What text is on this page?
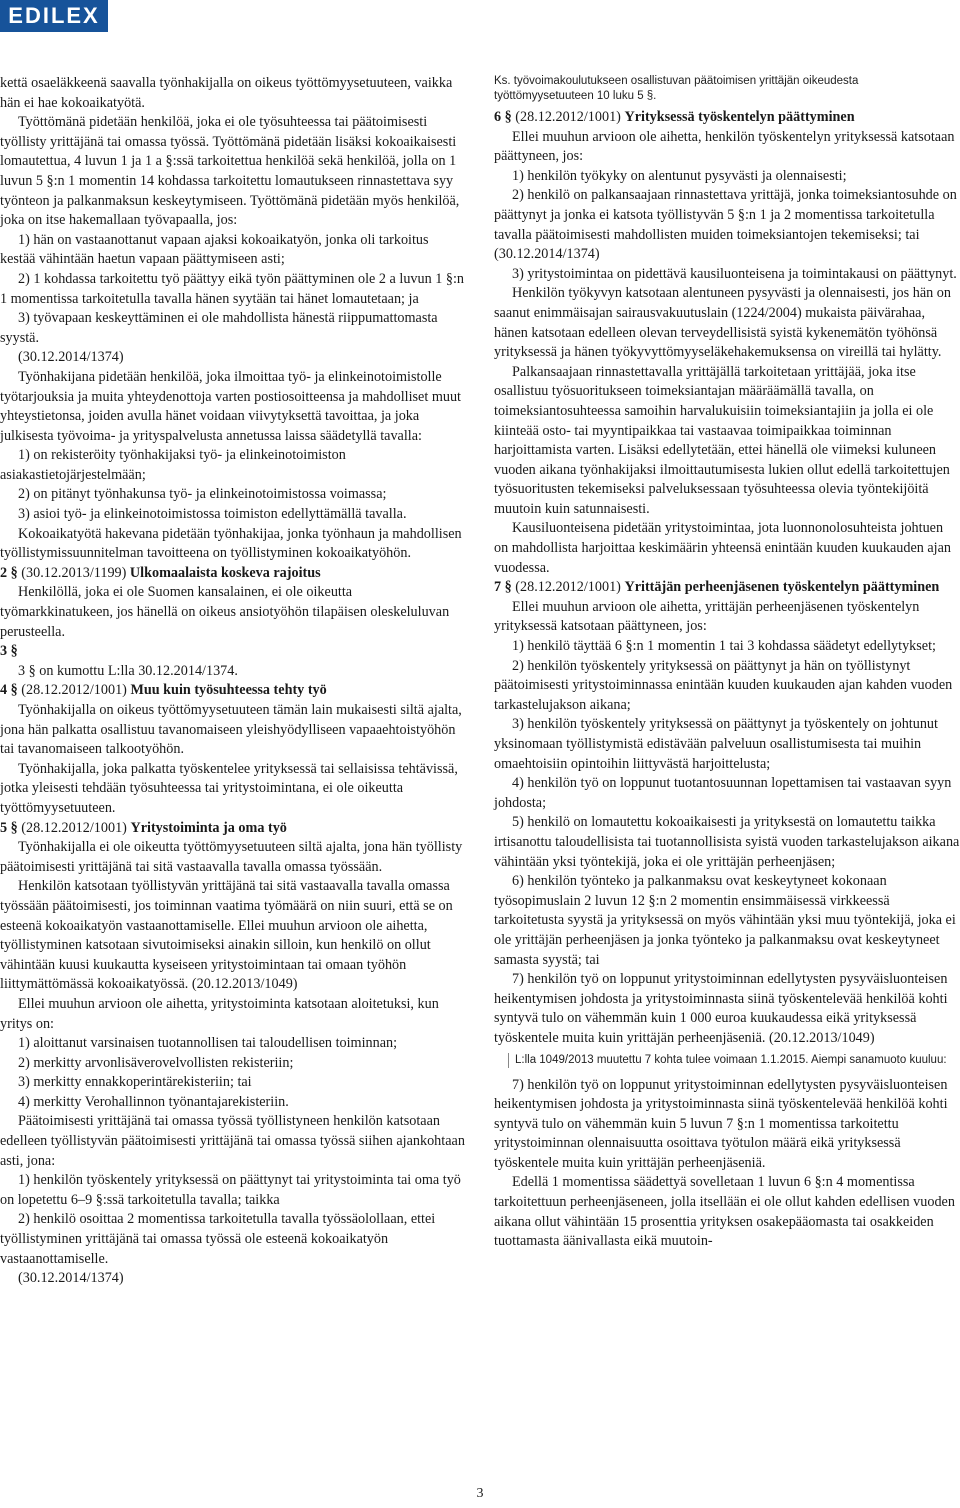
EDILEX

kettä osaeläkkeenä saavalla työnhakijalla on oikeus työttömyysetuuteen, vaikka hän ei hae kokoaikatyötä.

Työttömänä pidetään henkilöä, joka ei ole työsuhteessa tai päätoimisesti työllisty yrittäjänä tai omassa työssä. Työttömänä pidetään lisäksi kokoaikaisesti lomautettua, 4 luvun 1 ja 1 a §:ssä tarkoitettua henkilöä sekä henkilöä, jolla on 1 luvun 5 §:n 1 momentin 14 kohdassa tarkoitettu lomautukseen rinnastettava syy työnteon ja palkanmaksun keskeytymiseen. Työttömänä pidetään myös henkilöä, joka on itse hakemallaan työvapaalla, jos:

1) hän on vastaanottanut vapaan ajaksi kokoaikatyön, jonka oli tarkoitus kestää vähintään haetun vapaan päättymiseen asti;

2) 1 kohdassa tarkoitettu työ päättyy eikä työn päättyminen ole 2 a luvun 1 §:n 1 momentissa tarkoitetulla tavalla hänen syytään tai hänet lomautetaan; ja

3) työvapaan keskeyttäminen ei ole mahdollista hänestä riippumattomasta syystä.

(30.12.2014/1374)

Työnhakijana pidetään henkilöä, joka ilmoittaa työ- ja elinkeinotoimistolle työtarjouksia ja muita yhteydenottoja varten postiosoitteensa ja mahdolliset muut yhteystietonsa, joiden avulla hänet voidaan viivytyksettä tavoittaa, ja joka julkisesta työvoima- ja yrityspalvelusta annetussa laissa säädetyllä tavalla:

1) on rekisteröity työnhakijaksi työ- ja elinkeinotoimiston asiakastietojärjestelmään;

2) on pitänyt työnhakunsa työ- ja elinkeinotoimistossa voimassa;

3) asioi työ- ja elinkeinotoimistossa toimiston edellyttämällä tavalla.

Kokoaikatyötä hakevana pidetään työnhakijaa, jonka työnhaun ja mahdollisen työllistymissuunnitelman tavoitteena on työllistyminen kokoaikatyöhön.

2 § (30.12.2013/1199) Ulkomaalaista koskeva rajoitus

Henkilöllä, joka ei ole Suomen kansalainen, ei ole oikeutta työmarkkinatukeen, jos hänellä on oikeus ansiotyöhön tilapäisen oleskeluluvan perusteella.

3 §

3 § on kumottu L:lla 30.12.2014/1374.

4 § (28.12.2012/1001) Muu kuin työsuhteessa tehty työ

Työnhakijalla on oikeus työttömyysetuuteen tämän lain mukaisesti siltä ajalta, jona hän palkatta osallistuu tavanomaiseen yleishyödylliseen vapaaehtoistyöhön tai tavanomaiseen talkootyöhön.

Työnhakijalla, joka palkatta työskentelee yrityksessä tai sellaisissa tehtävissä, jotka yleisesti tehdään työsuhteessa tai yritystoimintana, ei ole oikeutta työttömyysetuuteen.

5 § (28.12.2012/1001) Yritystoiminta ja oma työ

Työnhakijalla ei ole oikeutta työttömyysetuuteen siltä ajalta, jona hän työllisty päätoimisesti yrittäjänä tai sitä vastaavalla tavalla omassa työssään.

Henkilön katsotaan työllistyvän yrittäjänä tai sitä vastaavalla tavalla omassa työssään päätoimisesti, jos toiminnan vaatima työmäärä on niin suuri, että se on esteenä kokoaikatyön vastaanottamiselle. Ellei muuhun arvioon ole aihetta, työllistyminen katsotaan sivutoimiseksi ainakin silloin, kun henkilö on ollut vähintään kuusi kuukautta kyseiseen yritystoimintaan tai omaan työhön liittymättömässä kokoaikatyössä. (20.12.2013/1049)

Ellei muuhun arvioon ole aihetta, yritystoiminta katsotaan aloitetuksi, kun yritys on:

1) aloittanut varsinaisen tuotannollisen tai taloudellisen toiminnan;

2) merkitty arvonlisäverovelvollisten rekisteriin;

3) merkitty ennakkoperintärekisteriin; tai

4) merkitty Verohallinnon työnantajarekisteriin.

Päätoimisesti yrittäjänä tai omassa työssä työllistyneen henkilön katsotaan edelleen työllistyvän päätoimisesti yrittäjänä tai omassa työssä siihen ajankohtaan asti, jona:

1) henkilön työskentely yrityksessä on päättynyt tai yritystoiminta tai oma työ on lopetettu 6–9 §:ssä tarkoitetulla tavalla; taikka

2) henkilö osoittaa 2 momentissa tarkoitetulla tavalla työssäolollaan, ettei työllistyminen yrittäjänä tai omassa työssä ole esteenä kokoaikatyön vastaanottamiselle.

(30.12.2014/1374)

Ks. työvoimakoulutukseen osallistuvan päätoimisen yrittäjän oikeudesta työttömyysetuuteen 10 luku 5 §.

6 § (28.12.2012/1001) Yrityksessä työskentelyn päättyminen

Ellei muuhun arvioon ole aihetta, henkilön työskentelyn yrityksessä katsotaan päättyneen, jos:

1) henkilön työkyky on alentunut pysyvästi ja olennaisesti;

2) henkilö on palkansaajaan rinnastettava yrittäjä, jonka toimeksiantosuhde on päättynyt ja jonka ei katsota työllistyvän 5 §:n 1 ja 2 momentissa tarkoitetulla tavalla päätoimisesti mahdollisten muiden toimeksiantojen tekemiseksi; tai (30.12.2014/1374)

3) yritystoimintaa on pidettävä kausiluonteisena ja toimintakausi on päättynyt.

Henkilön työkyvyn katsotaan alentuneen pysyvästi ja olennaisesti, jos hän on saanut enimmäisajan sairausvakuutuslain (1224/2004) mukaista päivärahaa, hänen katsotaan edelleen olevan terveydellisistä syistä kykenemätön työhönsä yrityksessä ja hänen työkyvyttömyyseläkehakemuksensa on vireillä tai hylätty.

Palkansaajaan rinnastettavalla yrittäjällä tarkoitetaan yrittäjää, joka itse osallistuu työsuoritukseen toimeksiantajan määräämällä tavalla, on toimeksiantosuhteessa samoihin harvalukuisiin toimeksiantajiin ja jolla ei ole kiinteää osto- tai myyntipaikkaa tai vastaavaa toimipaikkaa toiminnan harjoittamista varten. Lisäksi edellytetään, ettei hänellä ole viimeksi kuluneen vuoden aikana työnhakijaksi ilmoittautumisesta lukien ollut edellä tarkoitettujen työsuoritusten tekemiseksi palveluksessaan työsuhteessa olevia työntekijöitä muutoin kuin satunnaisesti.

Kausiluonteisena pidetään yritystoimintaa, jota luonnonolosuhteista johtuen on mahdollista harjoittaa keskimäärin yhteensä enintään kuuden kuukauden ajan vuodessa.

7 § (28.12.2012/1001) Yrittäjän perheenjäsenen työskentelyn päättyminen

Ellei muuhun arvioon ole aihetta, yrittäjän perheenjäsenen työskentelyn yrityksessä katsotaan päättyneen, jos:

1) henkilö täyttää 6 §:n 1 momentin 1 tai 3 kohdassa säädetyt edellytykset;

2) henkilön työskentely yrityksessä on päättynyt ja hän on työllistynyt päätoimisesti yritystoiminnassa enintään kuuden kuukauden ajan kahden vuoden tarkastelujakson aikana;

3) henkilön työskentely yrityksessä on päättynyt ja työskentely on johtunut yksinomaan työllistymistä edistävään palveluun osallistumisesta tai muihin omaehtoisiin opintoihin liittyvästä harjoittelusta;

4) henkilön työ on loppunut tuotantosuunnan lopettamisen tai vastaavan syyn johdosta;

5) henkilö on lomautettu kokoaikaisesti ja yrityksestä on lomautettu taikka irtisanottu taloudellisista tai tuotannollisista syistä vuoden tarkastelujakson aikana vähintään yksi työntekijä, joka ei ole yrittäjän perheenjäsen;

6) henkilön työnteko ja palkanmaksu ovat keskeytyneet kokonaan työsopimuslain 2 luvun 12 §:n 2 momentin ensimmäisessä virkkeessä tarkoitetusta syystä ja yrityksessä on myös vähintään yksi muu työntekijä, joka ei ole yrittäjän perheenjäsen ja jonka työnteko ja palkanmaksu ovat keskeytyneet samasta syystä; tai

7) henkilön työ on loppunut yritystoiminnan edellytysten pysyväisluonteisen heikentymisen johdosta ja yritystoiminnasta siinä työskentelevää henkilöä kohti syntyvä tulo on vähemmän kuin 1 000 euroa kuukaudessa eikä yrityksessä työskentele muita kuin yrittäjän perheenjäseniä. (20.12.2013/1049)

L:lla 1049/2013 muutettu 7 kohta tulee voimaan 1.1.2015. Aiempi sanamuoto kuuluu:

7) henkilön työ on loppunut yritystoiminnan edellytysten pysyväisluonteisen heikentymisen johdosta ja yritystoiminnasta siinä työskentelevää henkilöä kohti syntyvä tulo on vähemmän kuin 5 luvun 7 §:n 1 momentissa tarkoitettu yritystoiminnan olennaisuutta osoittava työtulon määrä eikä yrityksessä työskentele muita kuin yrittäjän perheenjäseniä.

Edellä 1 momentissa säädettyä sovelletaan 1 luvun 6 §:n 4 momentissa tarkoitettuun perheenjäseneen, jolla itsellään ei ole ollut kahden edellisen vuoden aikana ollut vähintään 15 prosenttia yrityksen osakepääomasta tai osakkeiden tuottamasta äänivallasta eikä muutoin-

3
